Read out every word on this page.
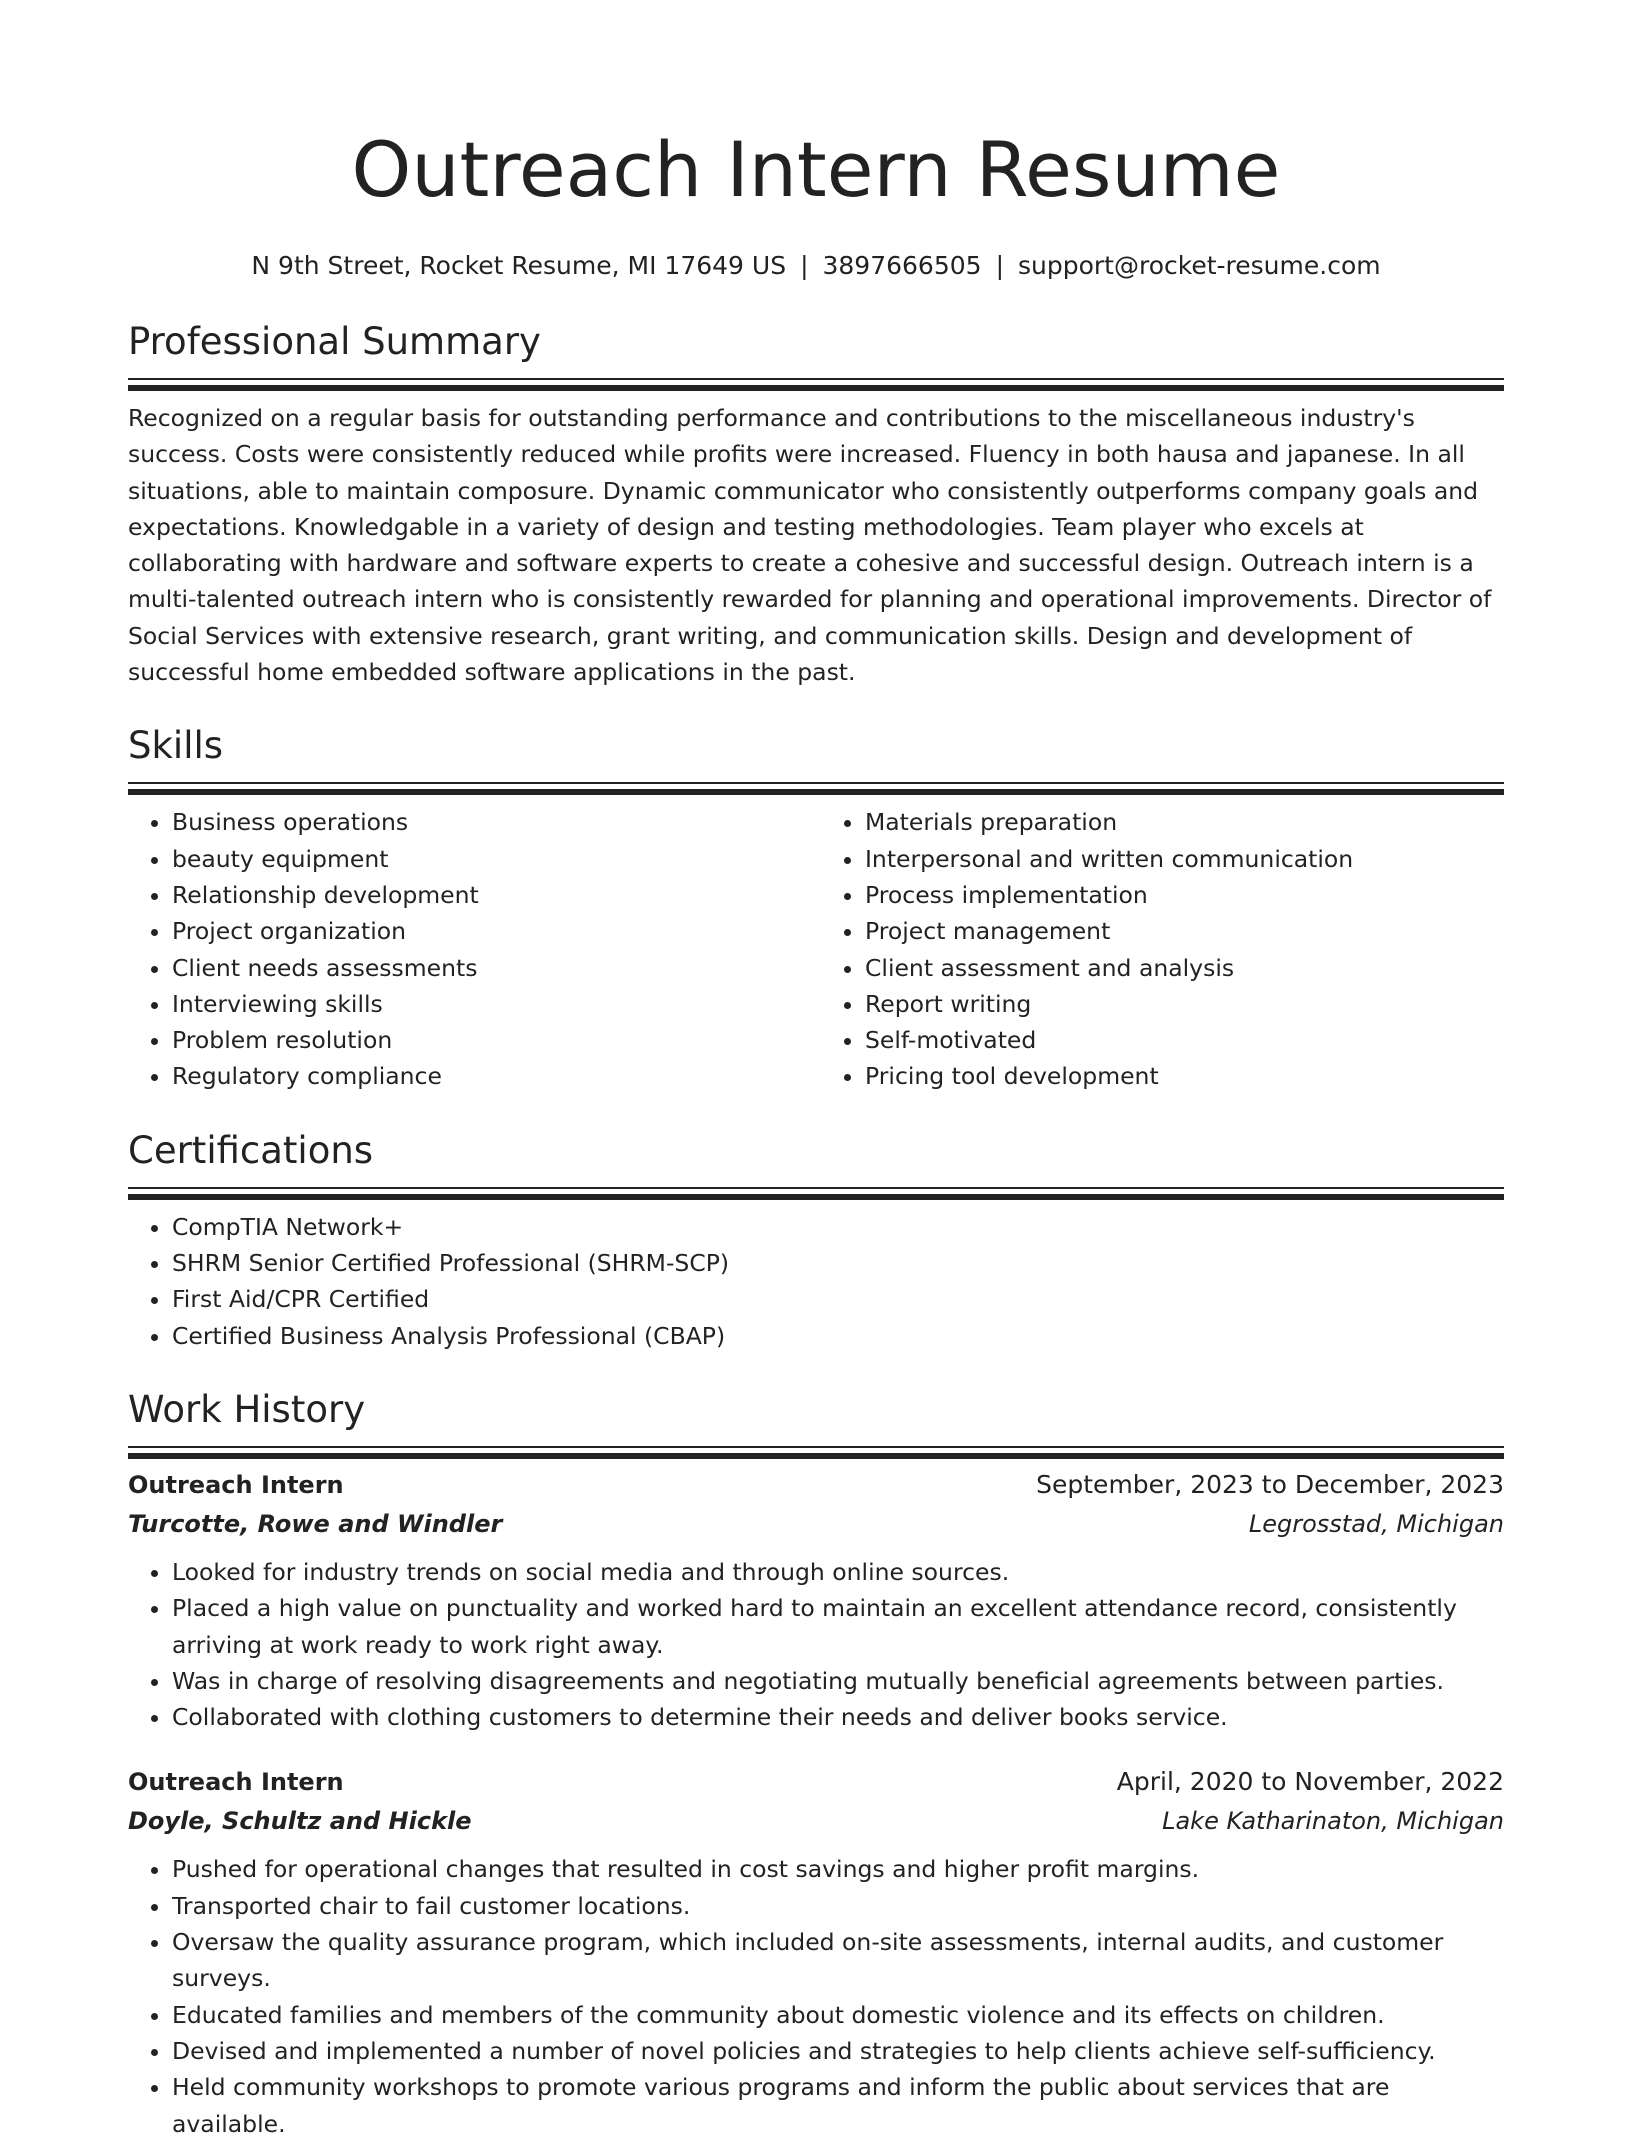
Outreach Intern Resume
N 9th Street, Rocket Resume, MI 17649 US | 3897666505 | support@rocket-resume.com
Professional Summary

Recognized on a regular basis for outstanding performance and contributions to the miscellaneous industry's success. Costs were consistently reduced while profits were increased. Fluency in both hausa and japanese. In all situations, able to maintain composure. Dynamic communicator who consistently outperforms company goals and expectations. Knowledgable in a variety of design and testing methodologies. Team player who excels at collaborating with hardware and software experts to create a cohesive and successful design. Outreach intern is a multi-talented outreach intern who is consistently rewarded for planning and operational improvements. Director of Social Services with extensive research, grant writing, and communication skills. Design and development of successful home embedded software applications in the past.

Skills
• Business operations
• beauty equipment
• Relationship development
• Project organization
• Client needs assessments
• Interviewing skills
• Problem resolution
• Regulatory compliance
• Materials preparation
• Interpersonal and written communication
• Process implementation
• Project management
• Client assessment and analysis
• Report writing
• Self-motivated
• Pricing tool development
Certifications
• CompTIA Network+
• SHRM Senior Certified Professional (SHRM-SCP)
• First Aid/CPR Certified
• Certified Business Analysis Professional (CBAP)
Work History
Outreach Intern	September, 2023 to December, 2023
Turcotte, Rowe and Windler	Legrosstad, Michigan
• Looked for industry trends on social media and through online sources.
• Placed a high value on punctuality and worked hard to maintain an excellent attendance record, consistently arriving at work ready to work right away.
• Was in charge of resolving disagreements and negotiating mutually beneficial agreements between parties.
• Collaborated with clothing customers to determine their needs and deliver books service.
Outreach Intern	April, 2020 to November, 2022
Doyle, Schultz and Hickle	Lake Katharinaton, Michigan
• Pushed for operational changes that resulted in cost savings and higher profit margins.
• Transported chair to fail customer locations.
• Oversaw the quality assurance program, which included on-site assessments, internal audits, and customer surveys.
• Educated families and members of the community about domestic violence and its effects on children.
• Devised and implemented a number of novel policies and strategies to help clients achieve self-sufficiency.
• Held community workshops to promote various programs and inform the public about services that are available.
